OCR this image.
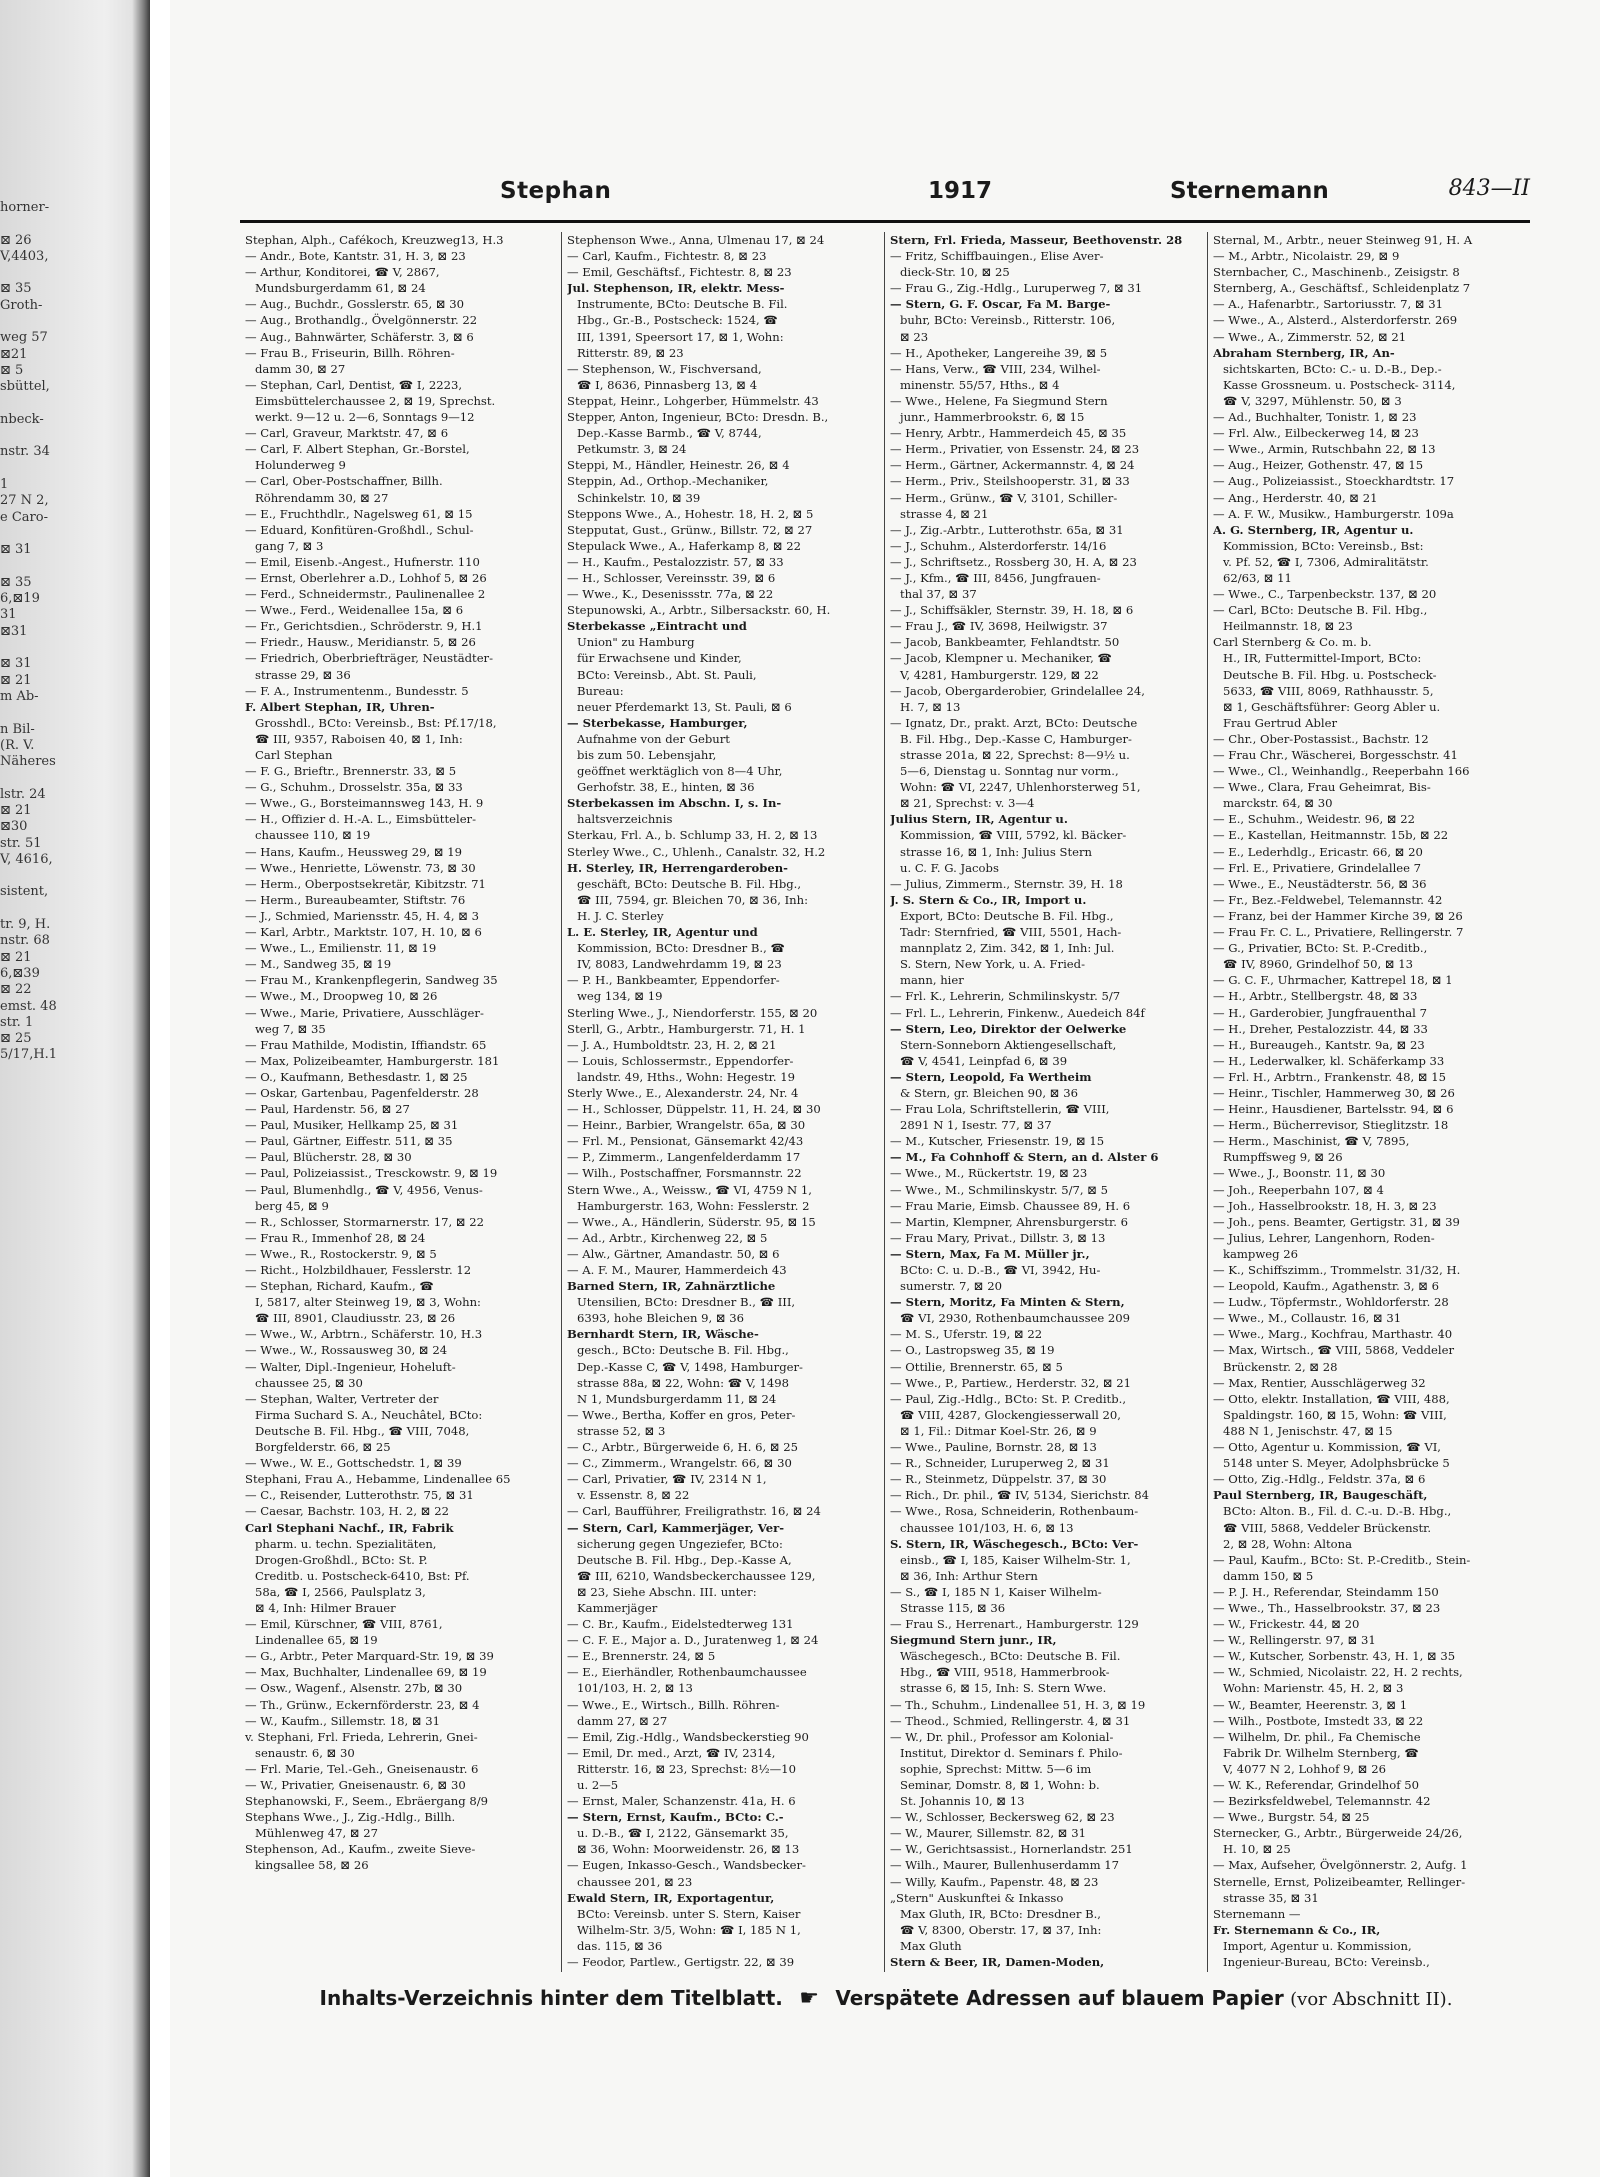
horner-
⊠ 26
V,4403,
⊠ 35
Groth-
weg 57
⊠21
⊠ 5
sbüttel,
nbeck-
nstr. 34
1
27 N 2,
e Caro-
⊠ 31
⊠ 35
6,⊠19
31
⊠31
⊠ 31
⊠ 21
m Ab-
n Bil-
(R. V.
Näheres
lstr. 24
⊠ 21
⊠30
str. 51
V, 4616,
sistent,
tr. 9, H.
nstr. 68
⊠ 21
6,⊠39
⊠ 22
emst. 48
str. 1
⊠ 25
5/17,H.1
Stephan	1917	Sternemann	843—II
Stephan, Alph., Cafékoch, Kreuzweg13, H.3
— Andr., Bote, Kantstr. 31, H. 3, ⊠ 23
— Arthur, Konditorei, ☎ V, 2867,
Mundsburgerdamm 61, ⊠ 24
— Aug., Buchdr., Gosslerstr. 65, ⊠ 30
— Aug., Brothandlg., Övelgönnerstr. 22
— Aug., Bahnwärter, Schäferstr. 3, ⊠ 6
— Frau B., Friseurin, Billh. Röhren-
damm 30, ⊠ 27
— Stephan, Carl, Dentist, ☎ I, 2223,
Eimsbüttelerchaussee 2, ⊠ 19, Sprechst.
werkt. 9—12 u. 2—6, Sonntags 9—12
— Carl, Graveur, Marktstr. 47, ⊠ 6
— Carl, F. Albert Stephan, Gr.-Borstel,
Holunderweg 9
— Carl, Ober-Postschaffner, Billh.
Röhrendamm 30, ⊠ 27
— E., Fruchthdlr., Nagelsweg 61, ⊠ 15
— Eduard, Konfitüren-Großhdl., Schul-
gang 7, ⊠ 3
— Emil, Eisenb.-Angest., Hufnerstr. 110
— Ernst, Oberlehrer a.D., Lohhof 5, ⊠ 26
— Ferd., Schneidermstr., Paulinenallee 2
— Wwe., Ferd., Weidenallee 15a, ⊠ 6
— Fr., Gerichtsdien., Schröderstr. 9, H.1
— Friedr., Hausw., Meridianstr. 5, ⊠ 26
— Friedrich, Oberbriefträger, Neustädter-
strasse 29, ⊠ 36
— F. A., Instrumentenm., Bundesstr. 5
F. Albert Stephan, IR, Uhren-
Grosshdl., BCto: Vereinsb., Bst: Pf.17/18,
☎ III, 9357, Raboisen 40, ⊠ 1, Inh:
Carl Stephan
— F. G., Brieftr., Brennerstr. 33, ⊠ 5
— G., Schuhm., Drosselstr. 35a, ⊠ 33
— Wwe., G., Borsteimannsweg 143, H. 9
— H., Offizier d. H.-A. L., Eimsbütteler-
chaussee 110, ⊠ 19
— Hans, Kaufm., Heussweg 29, ⊠ 19
— Wwe., Henriette, Löwenstr. 73, ⊠ 30
— Herm., Oberpostsekretär, Kibitzstr. 71
— Herm., Bureaubeamter, Stiftstr. 76
— J., Schmied, Mariensstr. 45, H. 4, ⊠ 3
— Karl, Arbtr., Marktstr. 107, H. 10, ⊠ 6
— Wwe., L., Emilienstr. 11, ⊠ 19
— M., Sandweg 35, ⊠ 19
— Frau M., Krankenpflegerin, Sandweg 35
— Wwe., M., Droopweg 10, ⊠ 26
— Wwe., Marie, Privatiere, Ausschläger-
weg 7, ⊠ 35
— Frau Mathilde, Modistin, Iffiandstr. 65
— Max, Polizeibeamter, Hamburgerstr. 181
— O., Kaufmann, Bethesdastr. 1, ⊠ 25
— Oskar, Gartenbau, Pagenfelderstr. 28
— Paul, Hardenstr. 56, ⊠ 27
— Paul, Musiker, Hellkamp 25, ⊠ 31
— Paul, Gärtner, Eiffestr. 511, ⊠ 35
— Paul, Blücherstr. 28, ⊠ 30
— Paul, Polizeiassist., Tresckowstr. 9, ⊠ 19
— Paul, Blumenhdlg., ☎ V, 4956, Venus-
berg 45, ⊠ 9
— R., Schlosser, Stormarnerstr. 17, ⊠ 22
— Frau R., Immenhof 28, ⊠ 24
— Wwe., R., Rostockerstr. 9, ⊠ 5
— Richt., Holzbildhauer, Fesslerstr. 12
— Stephan, Richard, Kaufm., ☎
I, 5817, alter Steinweg 19, ⊠ 3, Wohn:
☎ III, 8901, Claudiusstr. 23, ⊠ 26
— Wwe., W., Arbtrn., Schäferstr. 10, H.3
— Wwe., W., Rossausweg 30, ⊠ 24
— Walter, Dipl.-Ingenieur, Hoheluft-
chaussee 25, ⊠ 30
— Stephan, Walter, Vertreter der
Firma Suchard S. A., Neuchâtel, BCto:
Deutsche B. Fil. Hbg., ☎ VIII, 7048,
Borgfelderstr. 66, ⊠ 25
— Wwe., W. E., Gottschedstr. 1, ⊠ 39
Stephani, Frau A., Hebamme, Lindenallee 65
— C., Reisender, Lutterothstr. 75, ⊠ 31
— Caesar, Bachstr. 103, H. 2, ⊠ 22
Carl Stephani Nachf., IR, Fabrik
pharm. u. techn. Spezialitäten,
Drogen-Großhdl., BCto: St. P.
Creditb. u. Postscheck-6410, Bst: Pf.
58a, ☎ I, 2566, Paulsplatz 3,
⊠ 4, Inh: Hilmer Brauer
— Emil, Kürschner, ☎ VIII, 8761,
Lindenallee 65, ⊠ 19
— G., Arbtr., Peter Marquard-Str. 19, ⊠ 39
— Max, Buchhalter, Lindenallee 69, ⊠ 19
— Osw., Wagenf., Alsenstr. 27b, ⊠ 30
— Th., Grünw., Eckernförderstr. 23, ⊠ 4
— W., Kaufm., Sillemstr. 18, ⊠ 31
v. Stephani, Frl. Frieda, Lehrerin, Gnei-
senaustr. 6, ⊠ 30
— Frl. Marie, Tel.-Geh., Gneisenaustr. 6
— W., Privatier, Gneisenaustr. 6, ⊠ 30
Stephanowski, F., Seem., Ebräergang 8/9
Stephans Wwe., J., Zig.-Hdlg., Billh.
Mühlenweg 47, ⊠ 27
Stephenson, Ad., Kaufm., zweite Sieve-
kingsallee 58, ⊠ 26
Stephenson Wwe., Anna, Ulmenau 17, ⊠ 24
— Carl, Kaufm., Fichtestr. 8, ⊠ 23
— Emil, Geschäftsf., Fichtestr. 8, ⊠ 23
Jul. Stephenson, IR, elektr. Mess-
Instrumente, BCto: Deutsche B. Fil.
Hbg., Gr.-B., Postscheck: 1524, ☎
III, 1391, Speersort 17, ⊠ 1, Wohn:
Ritterstr. 89, ⊠ 23
— Stephenson, W., Fischversand,
☎ I, 8636, Pinnasberg 13, ⊠ 4
Steppat, Heinr., Lohgerber, Hümmelstr. 43
Stepper, Anton, Ingenieur, BCto: Dresdn. B.,
Dep.-Kasse Barmb., ☎ V, 8744,
Petkumstr. 3, ⊠ 24
Steppi, M., Händler, Heinestr. 26, ⊠ 4
Steppin, Ad., Orthop.-Mechaniker,
Schinkelstr. 10, ⊠ 39
Steppons Wwe., A., Hohestr. 18, H. 2, ⊠ 5
Stepputat, Gust., Grünw., Billstr. 72, ⊠ 27
Stepulack Wwe., A., Haferkamp 8, ⊠ 22
— H., Kaufm., Pestalozzistr. 57, ⊠ 33
— H., Schlosser, Vereinsstr. 39, ⊠ 6
— Wwe., K., Desenissstr. 77a, ⊠ 22
Stepunowski, A., Arbtr., Silbersackstr. 60, H.
Sterbekasse „Eintracht und
Union" zu Hamburg
für Erwachsene und Kinder,
BCto: Vereinsb., Abt. St. Pauli,
Bureau:
neuer Pferdemarkt 13, St. Pauli, ⊠ 6
— Sterbekasse, Hamburger,
Aufnahme von der Geburt
bis zum 50. Lebensjahr,
geöffnet werktäglich von 8—4 Uhr,
Gerhofstr. 38, E., hinten, ⊠ 36
Sterbekassen im Abschn. I, s. In-
haltsverzeichnis
Sterkau, Frl. A., b. Schlump 33, H. 2, ⊠ 13
Sterley Wwe., C., Uhlenh., Canalstr. 32, H.2
H. Sterley, IR, Herrengarderoben-
geschäft, BCto: Deutsche B. Fil. Hbg.,
☎ III, 7594, gr. Bleichen 70, ⊠ 36, Inh:
H. J. C. Sterley
L. E. Sterley, IR, Agentur und
Kommission, BCto: Dresdner B., ☎
IV, 8083, Landwehrdamm 19, ⊠ 23
— P. H., Bankbeamter, Eppendorfer-
weg 134, ⊠ 19
Sterling Wwe., J., Niendorferstr. 155, ⊠ 20
Sterll, G., Arbtr., Hamburgerstr. 71, H. 1
— J. A., Humboldtstr. 23, H. 2, ⊠ 21
— Louis, Schlossermstr., Eppendorfer-
landstr. 49, Hths., Wohn: Hegestr. 19
Sterly Wwe., E., Alexanderstr. 24, Nr. 4
— H., Schlosser, Düppelstr. 11, H. 24, ⊠ 30
— Heinr., Barbier, Wrangelstr. 65a, ⊠ 30
— Frl. M., Pensionat, Gänsemarkt 42/43
— P., Zimmerm., Langenfelderdamm 17
— Wilh., Postschaffner, Forsmannstr. 22
Stern Wwe., A., Weissw., ☎ VI, 4759 N 1,
Hamburgerstr. 163, Wohn: Fesslerstr. 2
— Wwe., A., Händlerin, Süderstr. 95, ⊠ 15
— Ad., Arbtr., Kirchenweg 22, ⊠ 5
— Alw., Gärtner, Amandastr. 50, ⊠ 6
— A. F. M., Maurer, Hammerdeich 43
Barned Stern, IR, Zahnärztliche
Utensilien, BCto: Dresdner B., ☎ III,
6393, hohe Bleichen 9, ⊠ 36
Bernhardt Stern, IR, Wäsche-
gesch., BCto: Deutsche B. Fil. Hbg.,
Dep.-Kasse C, ☎ V, 1498, Hamburger-
strasse 88a, ⊠ 22, Wohn: ☎ V, 1498
N 1, Mundsburgerdamm 11, ⊠ 24
— Wwe., Bertha, Koffer en gros, Peter-
strasse 52, ⊠ 3
— C., Arbtr., Bürgerweide 6, H. 6, ⊠ 25
— C., Zimmerm., Wrangelstr. 66, ⊠ 30
— Carl, Privatier, ☎ IV, 2314 N 1,
v. Essenstr. 8, ⊠ 22
— Carl, Baufführer, Freiligrathstr. 16, ⊠ 24
— Stern, Carl, Kammerjäger, Ver-
sicherung gegen Ungeziefer, BCto:
Deutsche B. Fil. Hbg., Dep.-Kasse A,
☎ III, 6210, Wandsbeckerchaussee 129,
⊠ 23, Siehe Abschn. III. unter:
Kammerjäger
— C. Br., Kaufm., Eidelstedterweg 131
— C. F. E., Major a. D., Juratenweg 1, ⊠ 24
— E., Brennerstr. 24, ⊠ 5
— E., Eierhändler, Rothenbaumchaussee
101/103, H. 2, ⊠ 13
— Wwe., E., Wirtsch., Billh. Röhren-
damm 27, ⊠ 27
— Emil, Zig.-Hdlg., Wandsbeckerstieg 90
— Emil, Dr. med., Arzt, ☎ IV, 2314,
Ritterstr. 16, ⊠ 23, Sprechst: 8½—10
u. 2—5
— Ernst, Maler, Schanzenstr. 41a, H. 6
— Stern, Ernst, Kaufm., BCto: C.-
u. D.-B., ☎ I, 2122, Gänsemarkt 35,
⊠ 36, Wohn: Moorweidenstr. 26, ⊠ 13
— Eugen, Inkasso-Gesch., Wandsbecker-
chaussee 201, ⊠ 23
Ewald Stern, IR, Exportagentur,
BCto: Vereinsb. unter S. Stern, Kaiser
Wilhelm-Str. 3/5, Wohn: ☎ I, 185 N 1,
das. 115, ⊠ 36
— Feodor, Partlew., Gertigstr. 22, ⊠ 39
Stern, Frl. Frieda, Masseur, Beethovenstr. 28
— Fritz, Schiffbauingen., Elise Aver-
dieck-Str. 10, ⊠ 25
— Frau G., Zig.-Hdlg., Luruperweg 7, ⊠ 31
— Stern, G. F. Oscar, Fa M. Barge-
buhr, BCto: Vereinsb., Ritterstr. 106,
⊠ 23
— H., Apotheker, Langereihe 39, ⊠ 5
— Hans, Verw., ☎ VIII, 234, Wilhel-
minenstr. 55/57, Hths., ⊠ 4
— Wwe., Helene, Fa Siegmund Stern
junr., Hammerbrookstr. 6, ⊠ 15
— Henry, Arbtr., Hammerdeich 45, ⊠ 35
— Herm., Privatier, von Essenstr. 24, ⊠ 23
— Herm., Gärtner, Ackermannstr. 4, ⊠ 24
— Herm., Priv., Steilshooperstr. 31, ⊠ 33
— Herm., Grünw., ☎ V, 3101, Schiller-
strasse 4, ⊠ 21
— J., Zig.-Arbtr., Lutterothstr. 65a, ⊠ 31
— J., Schuhm., Alsterdorferstr. 14/16
— J., Schriftsetz., Rossberg 30, H. A, ⊠ 23
— J., Kfm., ☎ III, 8456, Jungfrauen-
thal 37, ⊠ 37
— J., Schiffsäkler, Sternstr. 39, H. 18, ⊠ 6
— Frau J., ☎ IV, 3698, Heilwigstr. 37
— Jacob, Bankbeamter, Fehlandtstr. 50
— Jacob, Klempner u. Mechaniker, ☎
V, 4281, Hamburgerstr. 129, ⊠ 22
— Jacob, Obergarderobier, Grindelallee 24,
H. 7, ⊠ 13
— Ignatz, Dr., prakt. Arzt, BCto: Deutsche
B. Fil. Hbg., Dep.-Kasse C, Hamburger-
strasse 201a, ⊠ 22, Sprechst: 8—9½ u.
5—6, Dienstag u. Sonntag nur vorm.,
Wohn: ☎ VI, 2247, Uhlenhorsterweg 51,
⊠ 21, Sprechst: v. 3—4
Julius Stern, IR, Agentur u.
Kommission, ☎ VIII, 5792, kl. Bäcker-
strasse 16, ⊠ 1, Inh: Julius Stern
u. C. F. G. Jacobs
— Julius, Zimmerm., Sternstr. 39, H. 18
J. S. Stern & Co., IR, Import u.
Export, BCto: Deutsche B. Fil. Hbg.,
Tadr: Sternfried, ☎ VIII, 5501, Hach-
mannplatz 2, Zim. 342, ⊠ 1, Inh: Jul.
S. Stern, New York, u. A. Fried-
mann, hier
— Frl. K., Lehrerin, Schmilinskystr. 5/7
— Frl. L., Lehrerin, Finkenw., Auedeich 84f
— Stern, Leo, Direktor der Oelwerke
Stern-Sonneborn Aktiengesellschaft,
☎ V, 4541, Leinpfad 6, ⊠ 39
— Stern, Leopold, Fa Wertheim
& Stern, gr. Bleichen 90, ⊠ 36
— Frau Lola, Schriftstellerin, ☎ VIII,
2891 N 1, Isestr. 77, ⊠ 37
— M., Kutscher, Friesenstr. 19, ⊠ 15
— M., Fa Cohnhoff & Stern, an d. Alster 6
— Wwe., M., Rückertstr. 19, ⊠ 23
— Wwe., M., Schmilinskystr. 5/7, ⊠ 5
— Frau Marie, Eimsb. Chaussee 89, H. 6
— Martin, Klempner, Ahrensburgerstr. 6
— Frau Mary, Privat., Dillstr. 3, ⊠ 13
— Stern, Max, Fa M. Müller jr.,
BCto: C. u. D.-B., ☎ VI, 3942, Hu-
sumerstr. 7, ⊠ 20
— Stern, Moritz, Fa Minten & Stern,
☎ VI, 2930, Rothenbaumchaussee 209
— M. S., Uferstr. 19, ⊠ 22
— O., Lastropsweg 35, ⊠ 19
— Ottilie, Brennerstr. 65, ⊠ 5
— Wwe., P., Partiew., Herderstr. 32, ⊠ 21
— Paul, Zig.-Hdlg., BCto: St. P. Creditb.,
☎ VIII, 4287, Glockengiesserwall 20,
⊠ 1, Fil.: Ditmar Koel-Str. 26, ⊠ 9
— Wwe., Pauline, Bornstr. 28, ⊠ 13
— R., Schneider, Luruperweg 2, ⊠ 31
— R., Steinmetz, Düppelstr. 37, ⊠ 30
— Rich., Dr. phil., ☎ IV, 5134, Sierichstr. 84
— Wwe., Rosa, Schneiderin, Rothenbaum-
chaussee 101/103, H. 6, ⊠ 13
S. Stern, IR, Wäschegesch., BCto: Ver-
einsb., ☎ I, 185, Kaiser Wilhelm-Str. 1,
⊠ 36, Inh: Arthur Stern
— S., ☎ I, 185 N 1, Kaiser Wilhelm-
Strasse 115, ⊠ 36
— Frau S., Herrenart., Hamburgerstr. 129
Siegmund Stern junr., IR,
Wäschegesch., BCto: Deutsche B. Fil.
Hbg., ☎ VIII, 9518, Hammerbrook-
strasse 6, ⊠ 15, Inh: S. Stern Wwe.
— Th., Schuhm., Lindenallee 51, H. 3, ⊠ 19
— Theod., Schmied, Rellingerstr. 4, ⊠ 31
— W., Dr. phil., Professor am Kolonial-
Institut, Direktor d. Seminars f. Philo-
sophie, Sprechst: Mittw. 5—6 im
Seminar, Domstr. 8, ⊠ 1, Wohn: b.
St. Johannis 10, ⊠ 13
— W., Schlosser, Beckersweg 62, ⊠ 23
— W., Maurer, Sillemstr. 82, ⊠ 31
— W., Gerichtsassist., Hornerlandstr. 251
— Wilh., Maurer, Bullenhuserdamm 17
— Willy, Kaufm., Papenstr. 48, ⊠ 23
„Stern" Auskunftei & Inkasso
Max Gluth, IR, BCto: Dresdner B.,
☎ V, 8300, Oberstr. 17, ⊠ 37, Inh:
Max Gluth
Stern & Beer, IR, Damen-Moden,
Sternal, M., Arbtr., neuer Steinweg 91, H. A
— M., Arbtr., Nicolaistr. 29, ⊠ 9
Sternbacher, C., Maschinenb., Zeisigstr. 8
Sternberg, A., Geschäftsf., Schleidenplatz 7
— A., Hafenarbtr., Sartoriusstr. 7, ⊠ 31
— Wwe., A., Alsterd., Alsterdorferstr. 269
— Wwe., A., Zimmerstr. 52, ⊠ 21
Abraham Sternberg, IR, An-
sichtskarten, BCto: C.- u. D.-B., Dep.-
Kasse Grossneum. u. Postscheck- 3114,
☎ V, 3297, Mühlenstr. 50, ⊠ 3
— Ad., Buchhalter, Tonistr. 1, ⊠ 23
— Frl. Alw., Eilbeckerweg 14, ⊠ 23
— Wwe., Armin, Rutschbahn 22, ⊠ 13
— Aug., Heizer, Gothenstr. 47, ⊠ 15
— Aug., Polizeiassist., Stoeckhardtstr. 17
— Ang., Herderstr. 40, ⊠ 21
— A. F. W., Musikw., Hamburgerstr. 109a
A. G. Sternberg, IR, Agentur u.
Kommission, BCto: Vereinsb., Bst:
v. Pf. 52, ☎ I, 7306, Admiralitätstr.
62/63, ⊠ 11
— Wwe., C., Tarpenbeckstr. 137, ⊠ 20
— Carl, BCto: Deutsche B. Fil. Hbg.,
Heilmannstr. 18, ⊠ 23
Carl Sternberg & Co. m. b.
H., IR, Futtermittel-Import, BCto:
Deutsche B. Fil. Hbg. u. Postscheck-
5633, ☎ VIII, 8069, Rathhausstr. 5,
⊠ 1, Geschäftsführer: Georg Abler u.
Frau Gertrud Abler
— Chr., Ober-Postassist., Bachstr. 12
— Frau Chr., Wäscherei, Borgesschstr. 41
— Wwe., Cl., Weinhandlg., Reeperbahn 166
— Wwe., Clara, Frau Geheimrat, Bis-
marckstr. 64, ⊠ 30
— E., Schuhm., Weidestr. 96, ⊠ 22
— E., Kastellan, Heitmannstr. 15b, ⊠ 22
— E., Lederhdlg., Ericastr. 66, ⊠ 20
— Frl. E., Privatiere, Grindelallee 7
— Wwe., E., Neustädterstr. 56, ⊠ 36
— Fr., Bez.-Feldwebel, Telemannstr. 42
— Franz, bei der Hammer Kirche 39, ⊠ 26
— Frau Fr. C. L., Privatiere, Rellingerstr. 7
— G., Privatier, BCto: St. P.-Creditb.,
☎ IV, 8960, Grindelhof 50, ⊠ 13
— G. C. F., Uhrmacher, Kattrepel 18, ⊠ 1
— H., Arbtr., Stellbergstr. 48, ⊠ 33
— H., Garderobier, Jungfrauenthal 7
— H., Dreher, Pestalozzistr. 44, ⊠ 33
— H., Bureaugeh., Kantstr. 9a, ⊠ 23
— H., Lederwalker, kl. Schäferkamp 33
— Frl. H., Arbtrn., Frankenstr. 48, ⊠ 15
— Heinr., Tischler, Hammerweg 30, ⊠ 26
— Heinr., Hausdiener, Bartelsstr. 94, ⊠ 6
— Herm., Bücherrevisor, Stieglitzstr. 18
— Herm., Maschinist, ☎ V, 7895,
Rumpffsweg 9, ⊠ 26
— Wwe., J., Boonstr. 11, ⊠ 30
— Joh., Reeperbahn 107, ⊠ 4
— Joh., Hasselbrookstr. 18, H. 3, ⊠ 23
— Joh., pens. Beamter, Gertigstr. 31, ⊠ 39
— Julius, Lehrer, Langenhorn, Roden-
kampweg 26
— K., Schiffszimm., Trommelstr. 31/32, H.
— Leopold, Kaufm., Agathenstr. 3, ⊠ 6
— Ludw., Töpfermstr., Wohldorferstr. 28
— Wwe., M., Collaustr. 16, ⊠ 31
— Wwe., Marg., Kochfrau, Marthastr. 40
— Max, Wirtsch., ☎ VIII, 5868, Veddeler
Brückenstr. 2, ⊠ 28
— Max, Rentier, Ausschlägerweg 32
— Otto, elektr. Installation, ☎ VIII, 488,
Spaldingstr. 160, ⊠ 15, Wohn: ☎ VIII,
488 N 1, Jenischstr. 47, ⊠ 15
— Otto, Agentur u. Kommission, ☎ VI,
5148 unter S. Meyer, Adolphsbrücke 5
— Otto, Zig.-Hdlg., Feldstr. 37a, ⊠ 6
Paul Sternberg, IR, Baugeschäft,
BCto: Alton. B., Fil. d. C.-u. D.-B. Hbg.,
☎ VIII, 5868, Veddeler Brückenstr.
2, ⊠ 28, Wohn: Altona
— Paul, Kaufm., BCto: St. P.-Creditb., Stein-
damm 150, ⊠ 5
— P. J. H., Referendar, Steindamm 150
— Wwe., Th., Hasselbrookstr. 37, ⊠ 23
— W., Frickestr. 44, ⊠ 20
— W., Rellingerstr. 97, ⊠ 31
— W., Kutscher, Sorbenstr. 43, H. 1, ⊠ 35
— W., Schmied, Nicolaistr. 22, H. 2 rechts,
Wohn: Marienstr. 45, H. 2, ⊠ 3
— W., Beamter, Heerenstr. 3, ⊠ 1
— Wilh., Postbote, Imstedt 33, ⊠ 22
— Wilhelm, Dr. phil., Fa Chemische
Fabrik Dr. Wilhelm Sternberg, ☎
V, 4077 N 2, Lohhof 9, ⊠ 26
— W. K., Referendar, Grindelhof 50
— Bezirksfeldwebel, Telemannstr. 42
— Wwe., Burgstr. 54, ⊠ 25
Sternecker, G., Arbtr., Bürgerweide 24/26,
H. 10, ⊠ 25
— Max, Aufseher, Övelgönnerstr. 2, Aufg. 1
Sternelle, Ernst, Polizeibeamter, Rellinger-
strasse 35, ⊠ 31
Sternemann —
Fr. Sternemann & Co., IR,
Import, Agentur u. Kommission,
Ingenieur-Bureau, BCto: Vereinsb.,
Inhalts-Verzeichnis hinter dem Titelblatt. ☛ Verspätete Adressen auf blauem Papier (vor Abschnitt II).
